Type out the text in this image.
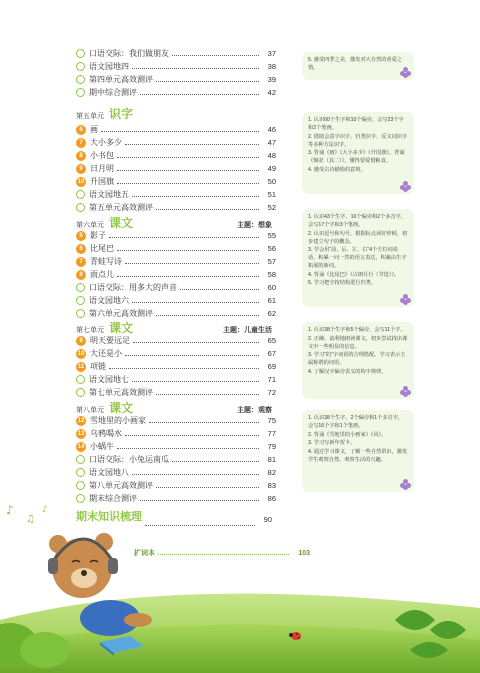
口语交际：我们做朋友	37
语文园地四	38
第四单元高效测评	39
期中综合测评	42
第五单元 识字
6 画	46
7 大小多少	47
8 小书包	48
9 日月明	49
10 升国旗	50
语文园地五	51
第五单元高效测评	52
第六单元 课文	主题：想象
5 影子	55
6 比尾巴	56
7 青蛙写诗	57
8 雨点儿	58
口语交际：用多大的声音	60
语文园地六	61
第六单元高效测评	62
第七单元 课文	主题：儿童生活
9 明天要远足	65
10 大还是小	67
11 项链	69
语文园地七	71
第七单元高效测评	72
第八单元 课文	主题：观察
12 雪地里的小画家	75
13 乌鸦喝水	77
14 小蜗牛	79
口语交际：小兔运南瓜	81
语文园地八	82
第八单元高效测评	83
期末综合测评	86
期末知识梳理	90

5. 感受四季之美，激发对大自然的喜爱之情。

1. 认识60个生字和10个偏旁，会写23个字和2个笔画。

2. 借助会意字识字、归类识字、反义词识字等多种方法识字。

3. 背诵《画》《大小多少》《升国旗》。背诵《悯农（其二）》，懂得要爱惜粮食。

4. 感受古诗描绘的意境。

1. 认识43个生字、10个偏旁和2个多音字，会写17个字和3个笔画。

2. 认识逗号和句号，根据标点读好停顿，初步建立句子的概念。

3. 学会用“前、后、左、右”4个方位词说话，积累一问一答的语言表达，积累由生字拓展的新词。

4. 背诵《比尾巴》《古朗月行（节选）》。

5. 学习把字按结构进行归类。

1. 认识38个生字和5个偏旁，会写11个字。

2. 正确、流利地朗读课文，初步尝试找出课文中一些明显的信息。

3. 学习“的”字词语的合理搭配，学习表示主属称谓的词语。

4. 了解汉字偏旁表义的构字规律。

1. 认识38个生字、2个偏旁和1个多音字，会写16个字和1个笔画。

2. 背诵《雪地里的小画家》《风》。

3. 学习写新年贺卡。

4. 通过学习课文，了解一些自然常识，激发学生观察自然、观察生活的兴趣。

♪
♫
♪
扩词本	103
